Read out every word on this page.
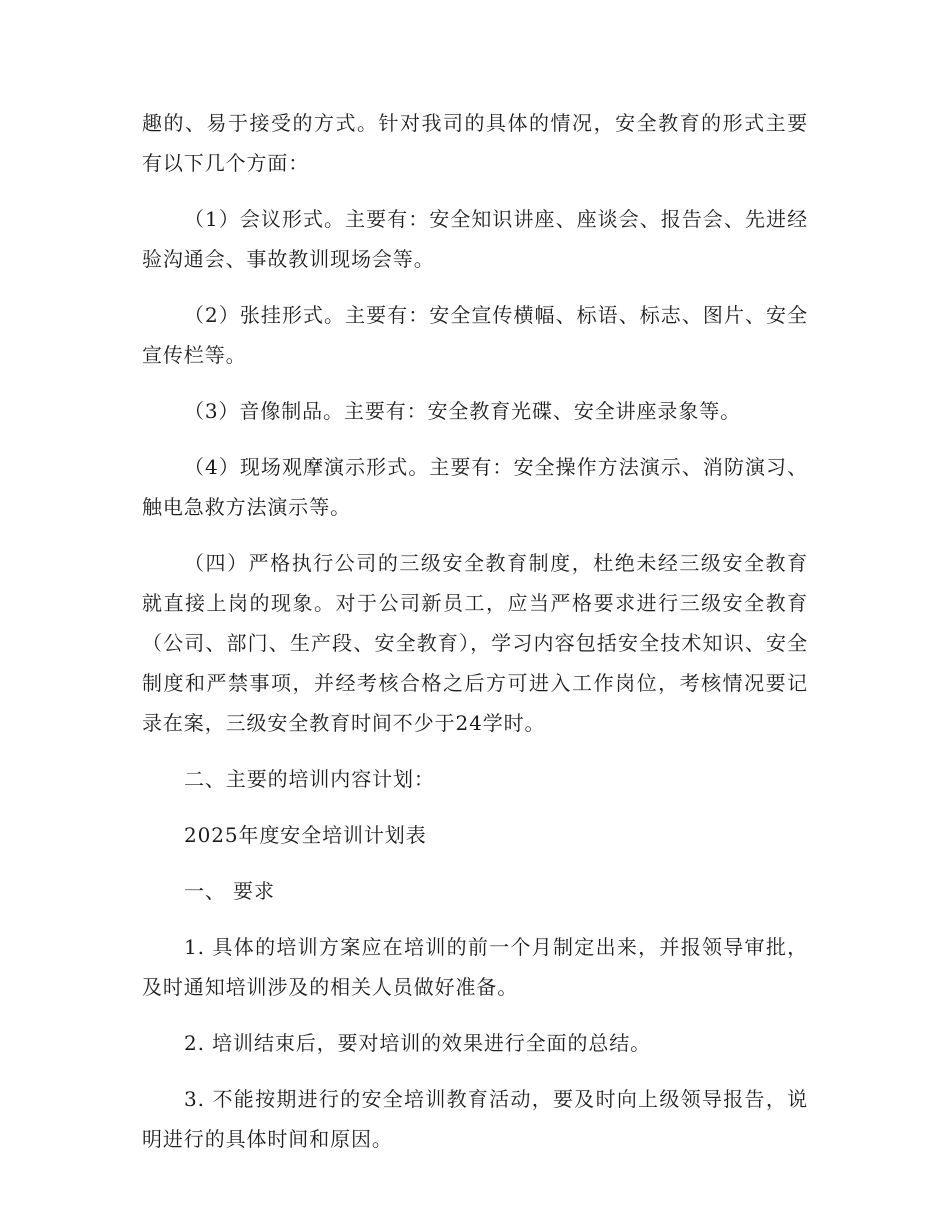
趣的、易于接受的方式。针对我司的具体的情况，安全教育的形式主要有以下几个方面：

（1）会议形式。主要有：安全知识讲座、座谈会、报告会、先进经验沟通会、事故教训现场会等。

（2）张挂形式。主要有：安全宣传横幅、标语、标志、图片、安全宣传栏等。

（3）音像制品。主要有：安全教育光碟、安全讲座录象等。

（4）现场观摩演示形式。主要有：安全操作方法演示、消防演习、触电急救方法演示等。

（四）严格执行公司的三级安全教育制度，杜绝未经三级安全教育就直接上岗的现象。对于公司新员工，应当严格要求进行三级安全教育（公司、部门、生产段、安全教育），学习内容包括安全技术知识、安全制度和严禁事项，并经考核合格之后方可进入工作岗位，考核情况要记录在案，三级安全教育时间不少于24学时。

二、主要的培训内容计划：

2025年度安全培训计划表

一、 要求

1. 具体的培训方案应在培训的前一个月制定出来，并报领导审批，及时通知培训涉及的相关人员做好准备。

2. 培训结束后，要对培训的效果进行全面的总结。

3. 不能按期进行的安全培训教育活动，要及时向上级领导报告，说明进行的具体时间和原因。
